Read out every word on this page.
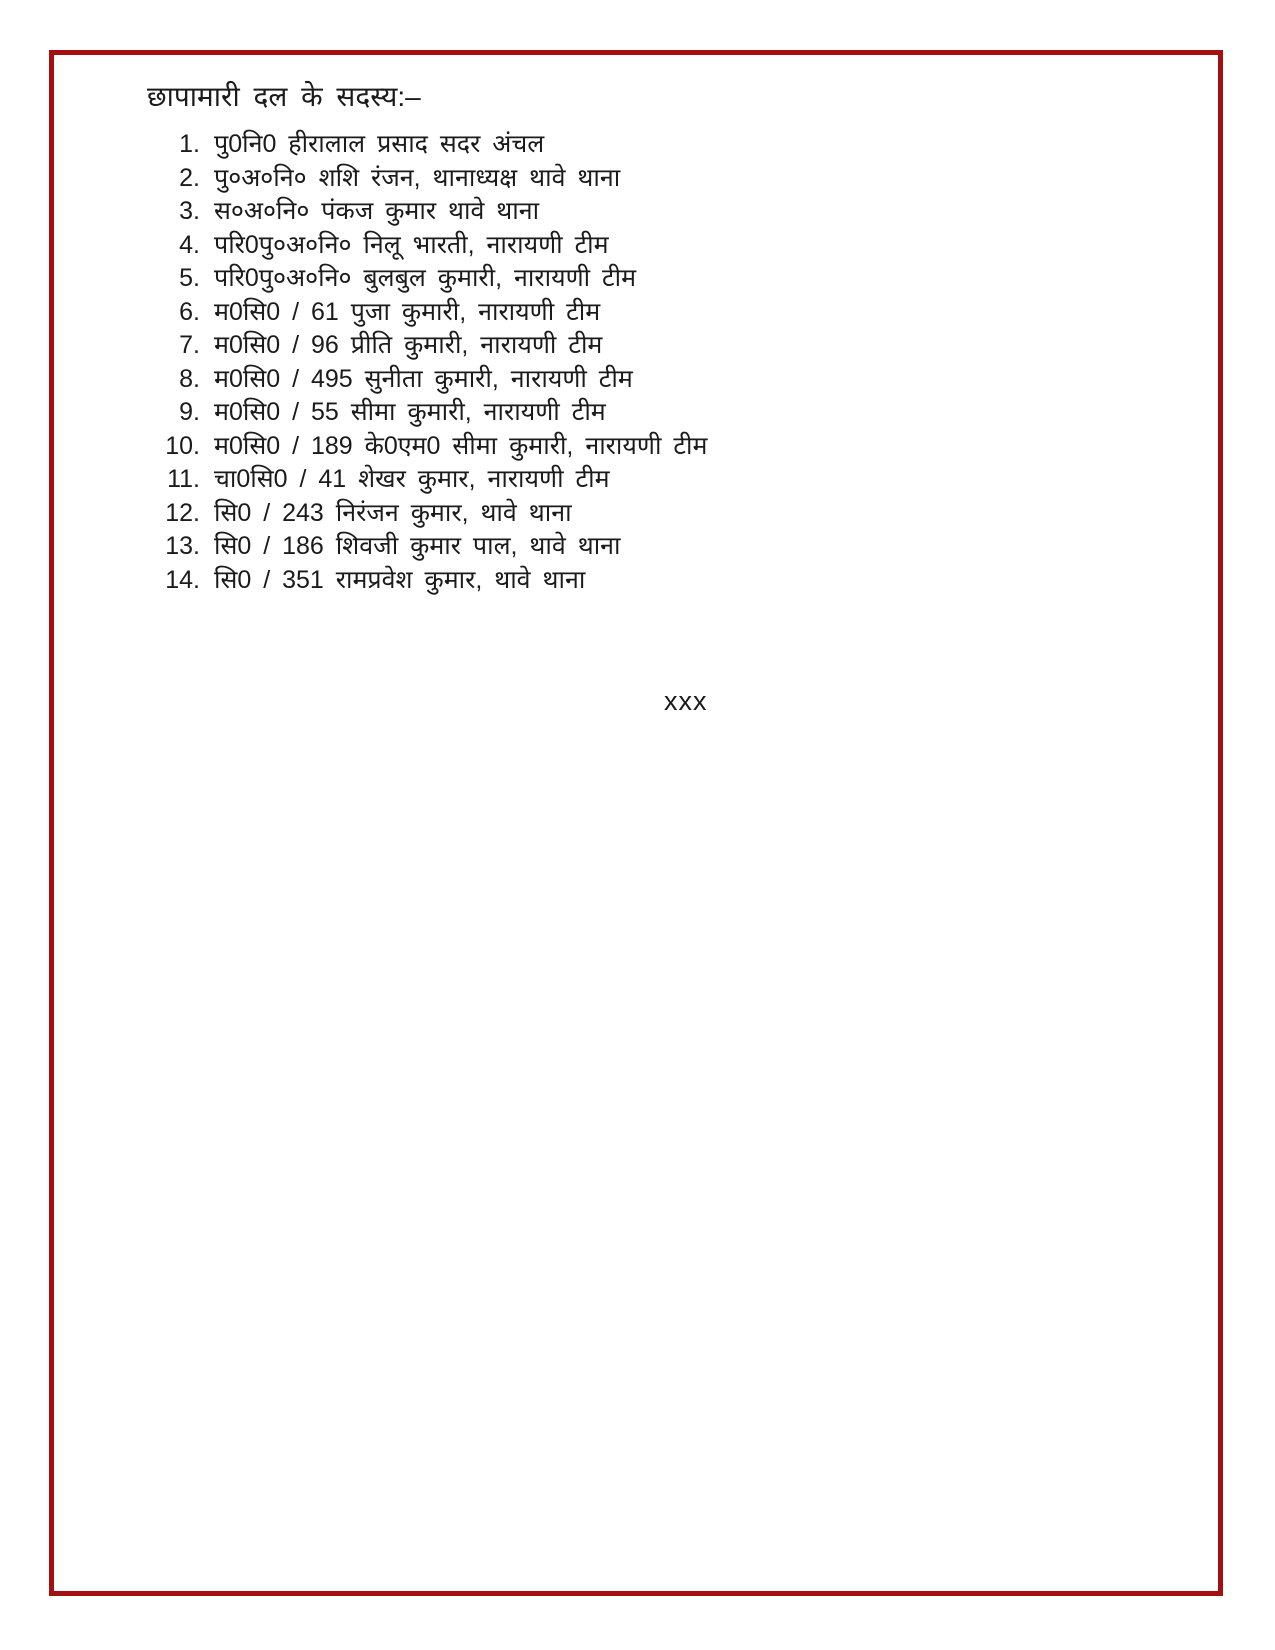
छापामारी दल के सदस्य:–
1. पु0नि0 हीरालाल प्रसाद सदर अंचल
2. पु०अ०नि० शशि रंजन, थानाध्यक्ष थावे थाना
3. स०अ०नि० पंकज कुमार थावे थाना
4. परि0पु०अ०नि० निलू भारती, नारायणी टीम
5. परि0पु०अ०नि० बुलबुल कुमारी, नारायणी टीम
6. म0सि0 / 61 पुजा कुमारी, नारायणी टीम
7. म0सि0 / 96 प्रीति कुमारी, नारायणी टीम
8. म0सि0 / 495 सुनीता कुमारी, नारायणी टीम
9. म0सि0 / 55 सीमा कुमारी, नारायणी टीम
10. म0सि0 / 189 के0एम0 सीमा कुमारी, नारायणी टीम
11. चा0सि0 / 41 शेखर कुमार, नारायणी टीम
12. सि0 / 243 निरंजन कुमार, थावे थाना
13. सि0 / 186 शिवजी कुमार पाल, थावे थाना
14. सि0 / 351 रामप्रवेश कुमार, थावे थाना
xxx
